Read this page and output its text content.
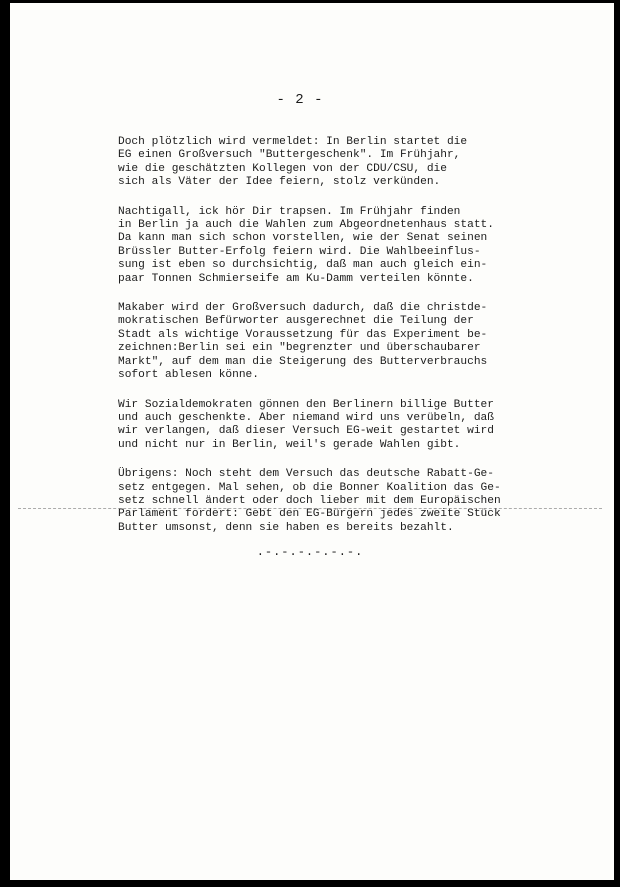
- 2 -
Doch plötzlich wird vermeldet: In Berlin startet die
EG einen Großversuch "Buttergeschenk". Im Frühjahr,
wie die geschätzten Kollegen von der CDU/CSU, die
sich als Väter der Idee feiern, stolz verkünden.
Nachtigall, ick hör Dir trapsen. Im Frühjahr finden
in Berlin ja auch die Wahlen zum Abgeordnetenhaus statt.
Da kann man sich schon vorstellen, wie der Senat seinen
Brüssler Butter-Erfolg feiern wird. Die Wahlbeeinflus-
sung ist eben so durchsichtig, daß man auch gleich ein-
paar Tonnen Schmierseife am Ku-Damm verteilen könnte.
Makaber wird der Großversuch dadurch, daß die christde-
mokratischen Befürworter ausgerechnet die Teilung der
Stadt als wichtige Voraussetzung für das Experiment be-
zeichnen:Berlin sei ein "begrenzter und überschaubarer
Markt", auf dem man die Steigerung des Butterverbrauchs
sofort ablesen könne.
Wir Sozialdemokraten gönnen den Berlinern billige Butter
und auch geschenkte. Aber niemand wird uns verübeln, daß
wir verlangen, daß dieser Versuch EG-weit gestartet wird
und nicht nur in Berlin, weil's gerade Wahlen gibt.
Übrigens: Noch steht dem Versuch das deutsche Rabatt-Ge-
setz entgegen. Mal sehen, ob die Bonner Koalition das Ge-
setz schnell ändert oder doch lieber mit dem Europäischen
Parlament fordert: Gebt den EG-Bürgern jedes zweite Stück
Butter umsonst, denn sie haben es bereits bezahlt.
.-.-.-.-.-.-.
